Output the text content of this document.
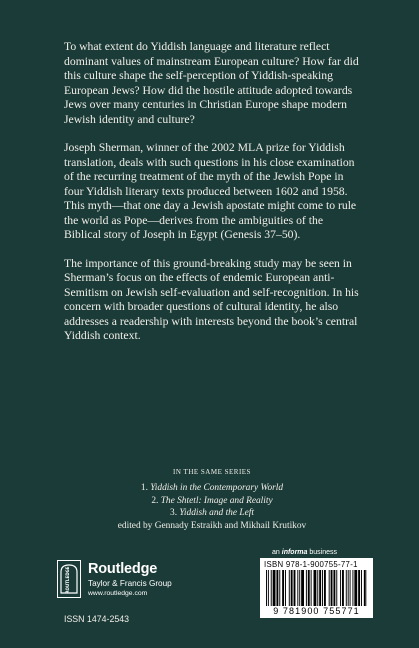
To what extent do Yiddish language and literature reflect dominant values of mainstream European culture? How far did this culture shape the self-perception of Yiddish-speaking European Jews? How did the hostile attitude adopted towards Jews over many centuries in Christian Europe shape modern Jewish identity and culture?

Joseph Sherman, winner of the 2002 MLA prize for Yiddish translation, deals with such questions in his close examination of the recurring treatment of the myth of the Jewish Pope in four Yiddish literary texts produced between 1602 and 1958. This myth—that one day a Jewish apostate might come to rule the world as Pope—derives from the ambiguities of the Biblical story of Joseph in Egypt (Genesis 37–50).

The importance of this ground-breaking study may be seen in Sherman’s focus on the effects of endemic European anti-Semitism on Jewish self-evaluation and self-recognition. In his concern with broader questions of cultural identity, he also addresses a readership with interests beyond the book’s central Yiddish context.

IN THE SAME SERIES
1. Yiddish in the Contemporary World
2. The Shtetl: Image and Reality
3. Yiddish and the Left
edited by Gennady Estraikh and Mikhail Krutikov
ROUTLEDGE Routledge
Taylor & Francis Group
www.routledge.com
an informa business
ISBN 978-1-900755-77-1
9 781900 755771
ISSN 1474-2543
